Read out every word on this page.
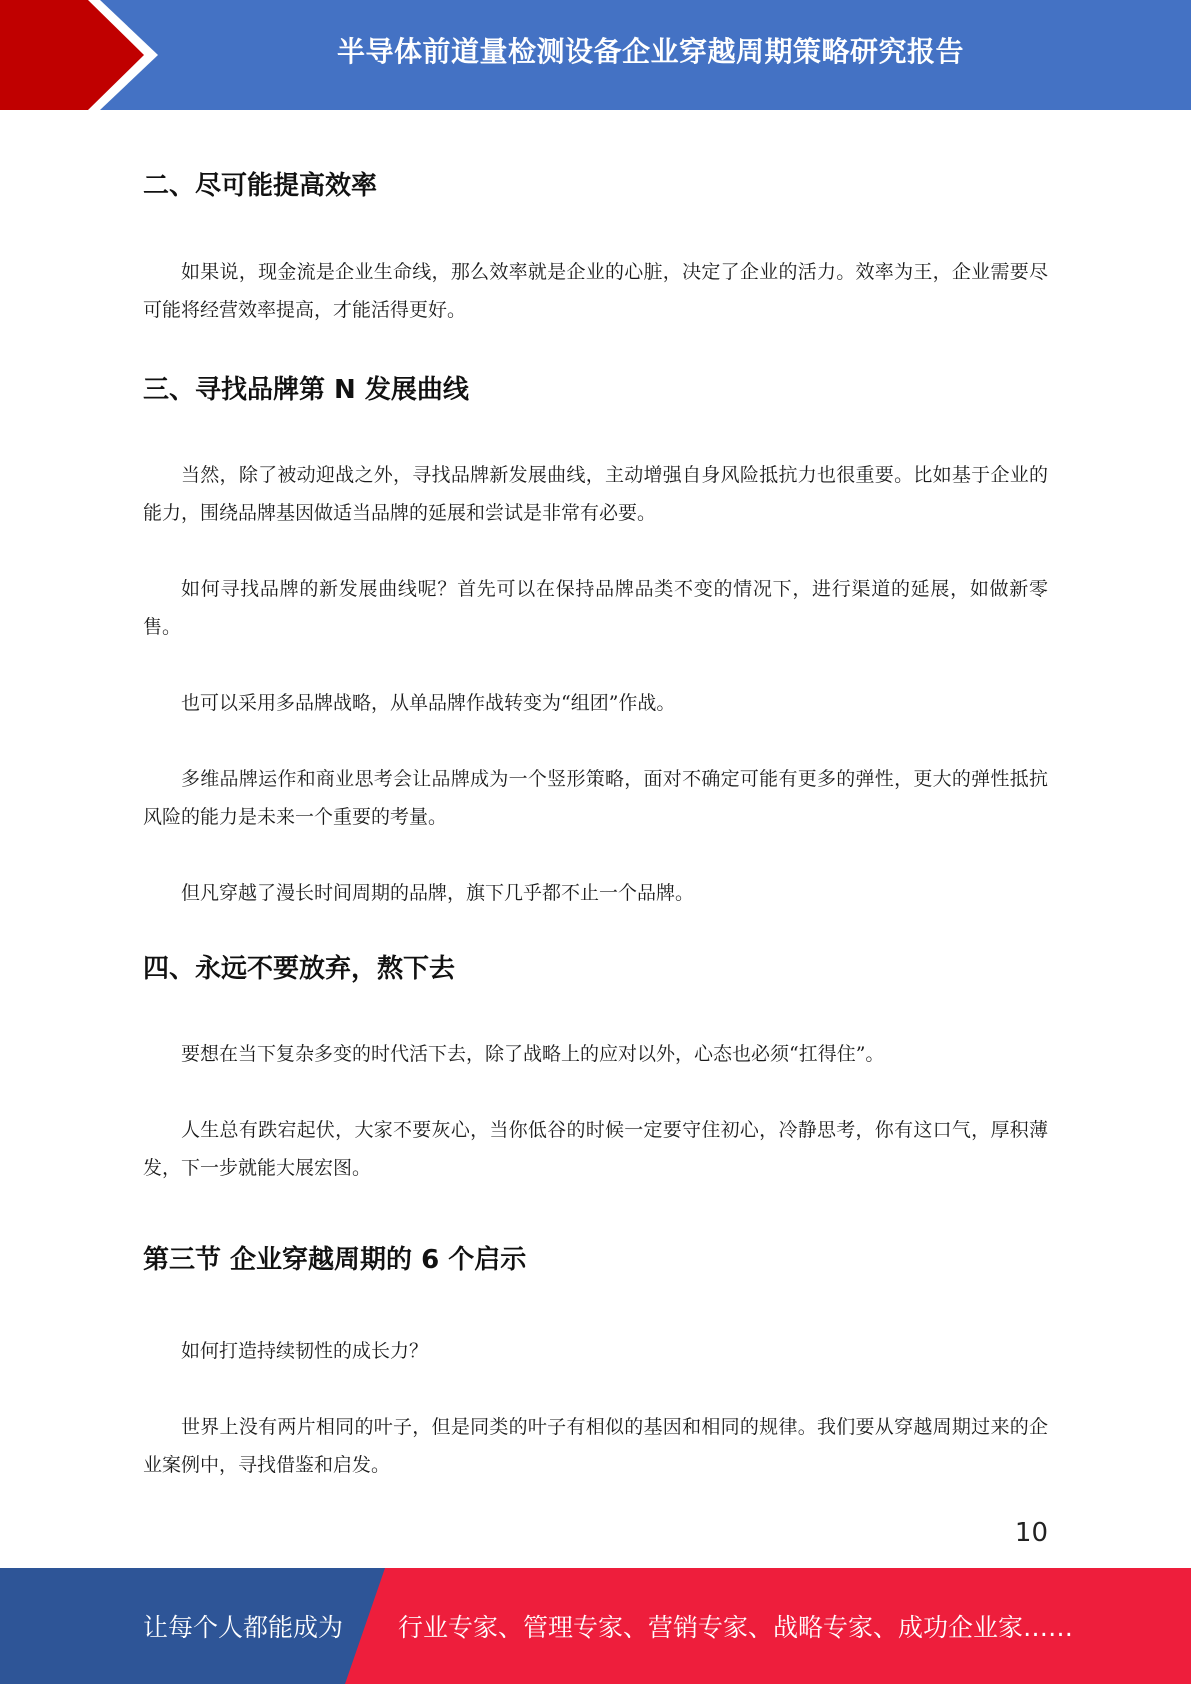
半导体前道量检测设备企业穿越周期策略研究报告
二、尽可能提高效率

如果说，现金流是企业生命线，那么效率就是企业的心脏，决定了企业的活力。效率为王，企业需要尽可能将经营效率提高，才能活得更好。

三、寻找品牌第 N 发展曲线

当然，除了被动迎战之外，寻找品牌新发展曲线，主动增强自身风险抵抗力也很重要。比如基于企业的能力，围绕品牌基因做适当品牌的延展和尝试是非常有必要。

如何寻找品牌的新发展曲线呢？首先可以在保持品牌品类不变的情况下，进行渠道的延展，如做新零售。

也可以采用多品牌战略，从单品牌作战转变为“组团”作战。

多维品牌运作和商业思考会让品牌成为一个竖形策略，面对不确定可能有更多的弹性，更大的弹性抵抗风险的能力是未来一个重要的考量。

但凡穿越了漫长时间周期的品牌，旗下几乎都不止一个品牌。

四、永远不要放弃，熬下去

要想在当下复杂多变的时代活下去，除了战略上的应对以外，心态也必须“扛得住”。

人生总有跌宕起伏，大家不要灰心，当你低谷的时候一定要守住初心，冷静思考，你有这口气，厚积薄发，下一步就能大展宏图。

第三节 企业穿越周期的 6 个启示

如何打造持续韧性的成长力？

世界上没有两片相同的叶子，但是同类的叶子有相似的基因和相同的规律。我们要从穿越周期过来的企业案例中，寻找借鉴和启发。

10
让每个人都能成为 行业专家、管理专家、营销专家、战略专家、成功企业家……
